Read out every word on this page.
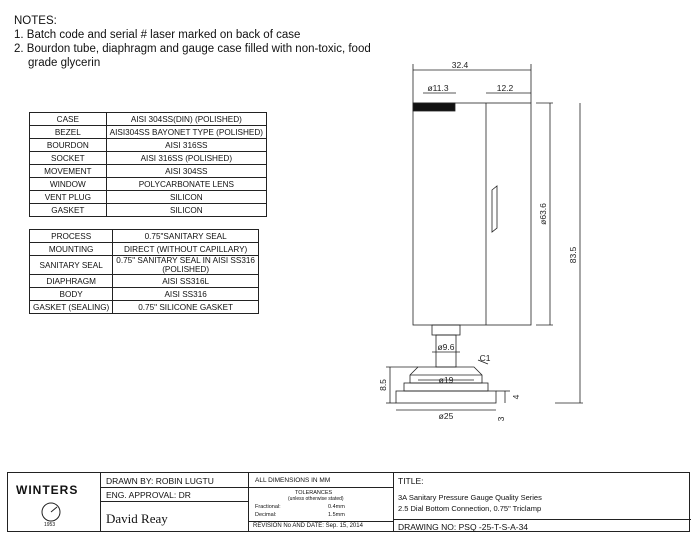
NOTES:
1. Batch code and serial # laser marked on back of case
2. Bourdon tube, diaphragm and gauge case filled with non-toxic, food
grade glycerin
CASE	AISI 304SS(DIN) (POLISHED)
BEZEL	AISI304SS BAYONET TYPE (POLISHED)
BOURDON	AISI 316SS
SOCKET	AISI 316SS (POLISHED)
MOVEMENT	AISI 304SS
WINDOW	POLYCARBONATE LENS
VENT PLUG	SILICON
GASKET	SILICON
PROCESS	0.75"SANITARY SEAL
MOUNTING	DIRECT (WITHOUT CAPILLARY)
SANITARY SEAL	0.75" SANITARY SEAL IN AISI SS316
(POLISHED)

DIAPHRAGM	AISI SS316L
BODY	AISI SS316
GASKET (SEALING)	0.75" SILICONE GASKET
32.4
ø11.3	12.2
ø63.6
83.5
ø9.6
C1
ø19
8.5
4
ø25	3
WINTERS
1953
DRAWN BY: ROBIN LUGTU
ENG. APPROVAL: DR
David Reay
ALL DIMENSIONS IN MM
TOLERANCES
(unless otherwise stated)
Fractional:	0.4mm
Decimal:	1.5mm
REVISION No AND DATE: Sep. 15, 2014
TITLE:
3A Sanitary Pressure Gauge Quality Series
2.5 Dial Bottom Connection, 0.75" Triclamp
DRAWING NO: PSQ -25-T-S-A-34
